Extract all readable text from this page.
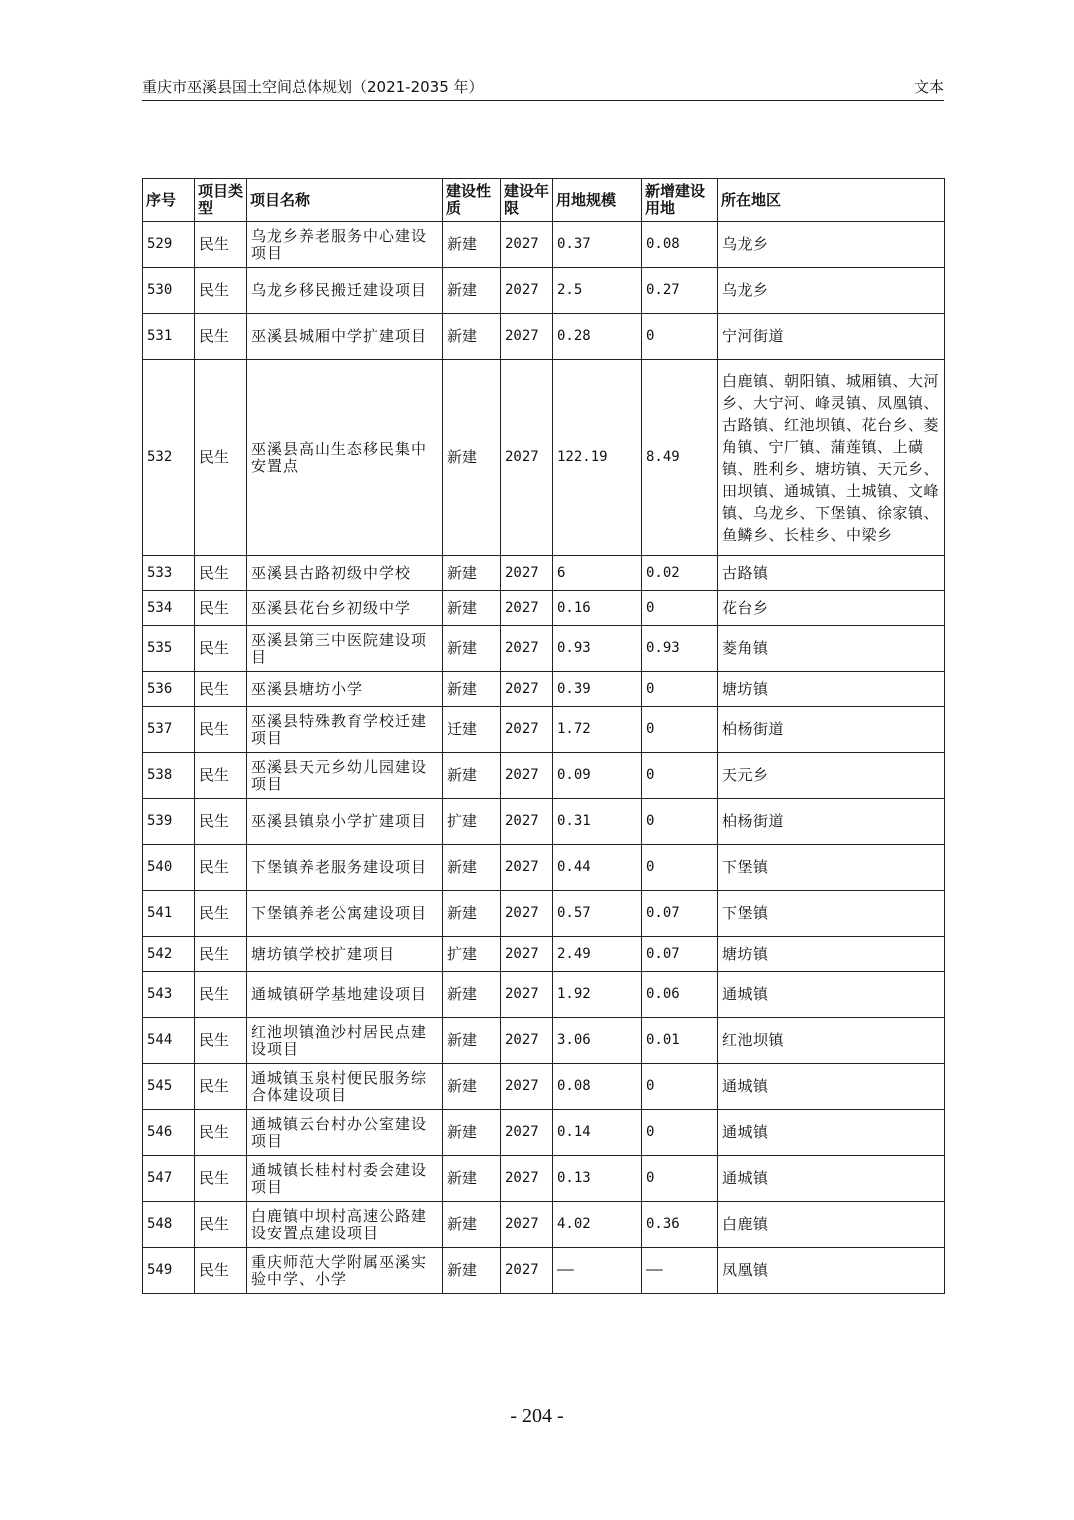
重庆市巫溪县国土空间总体规划（2021-2035 年）	文本
序号	项目类型	项目名称	建设性质	建设年限	用地规模	新增建设用地	所在地区
529	民生	乌龙乡养老服务中心建设项目	新建	2027	0.37	0.08	乌龙乡
530	民生	乌龙乡移民搬迁建设项目	新建	2027	2.5	0.27	乌龙乡
531	民生	巫溪县城厢中学扩建项目	新建	2027	0.28	0	宁河街道
532	民生	巫溪县高山生态移民集中安置点	新建	2027	122.19	8.49	白鹿镇、朝阳镇、城厢镇、大河乡、大宁河、峰灵镇、凤凰镇、古路镇、红池坝镇、花台乡、菱角镇、宁厂镇、蒲莲镇、上磺镇、胜利乡、塘坊镇、天元乡、田坝镇、通城镇、土城镇、文峰镇、乌龙乡、下堡镇、徐家镇、鱼鳞乡、长桂乡、中梁乡
533	民生	巫溪县古路初级中学校	新建	2027	6	0.02	古路镇
534	民生	巫溪县花台乡初级中学	新建	2027	0.16	0	花台乡
535	民生	巫溪县第三中医院建设项目	新建	2027	0.93	0.93	菱角镇
536	民生	巫溪县塘坊小学	新建	2027	0.39	0	塘坊镇
537	民生	巫溪县特殊教育学校迁建项目	迁建	2027	1.72	0	柏杨街道
538	民生	巫溪县天元乡幼儿园建设项目	新建	2027	0.09	0	天元乡
539	民生	巫溪县镇泉小学扩建项目	扩建	2027	0.31	0	柏杨街道
540	民生	下堡镇养老服务建设项目	新建	2027	0.44	0	下堡镇
541	民生	下堡镇养老公寓建设项目	新建	2027	0.57	0.07	下堡镇
542	民生	塘坊镇学校扩建项目	扩建	2027	2.49	0.07	塘坊镇
543	民生	通城镇研学基地建设项目	新建	2027	1.92	0.06	通城镇
544	民生	红池坝镇渔沙村居民点建设项目	新建	2027	3.06	0.01	红池坝镇
545	民生	通城镇玉泉村便民服务综合体建设项目	新建	2027	0.08	0	通城镇
546	民生	通城镇云台村办公室建设项目	新建	2027	0.14	0	通城镇
547	民生	通城镇长桂村村委会建设项目	新建	2027	0.13	0	通城镇
548	民生	白鹿镇中坝村高速公路建设安置点建设项目	新建	2027	4.02	0.36	白鹿镇
549	民生	重庆师范大学附属巫溪实验中学、小学	新建	2027	——	——	凤凰镇
- 204 -
